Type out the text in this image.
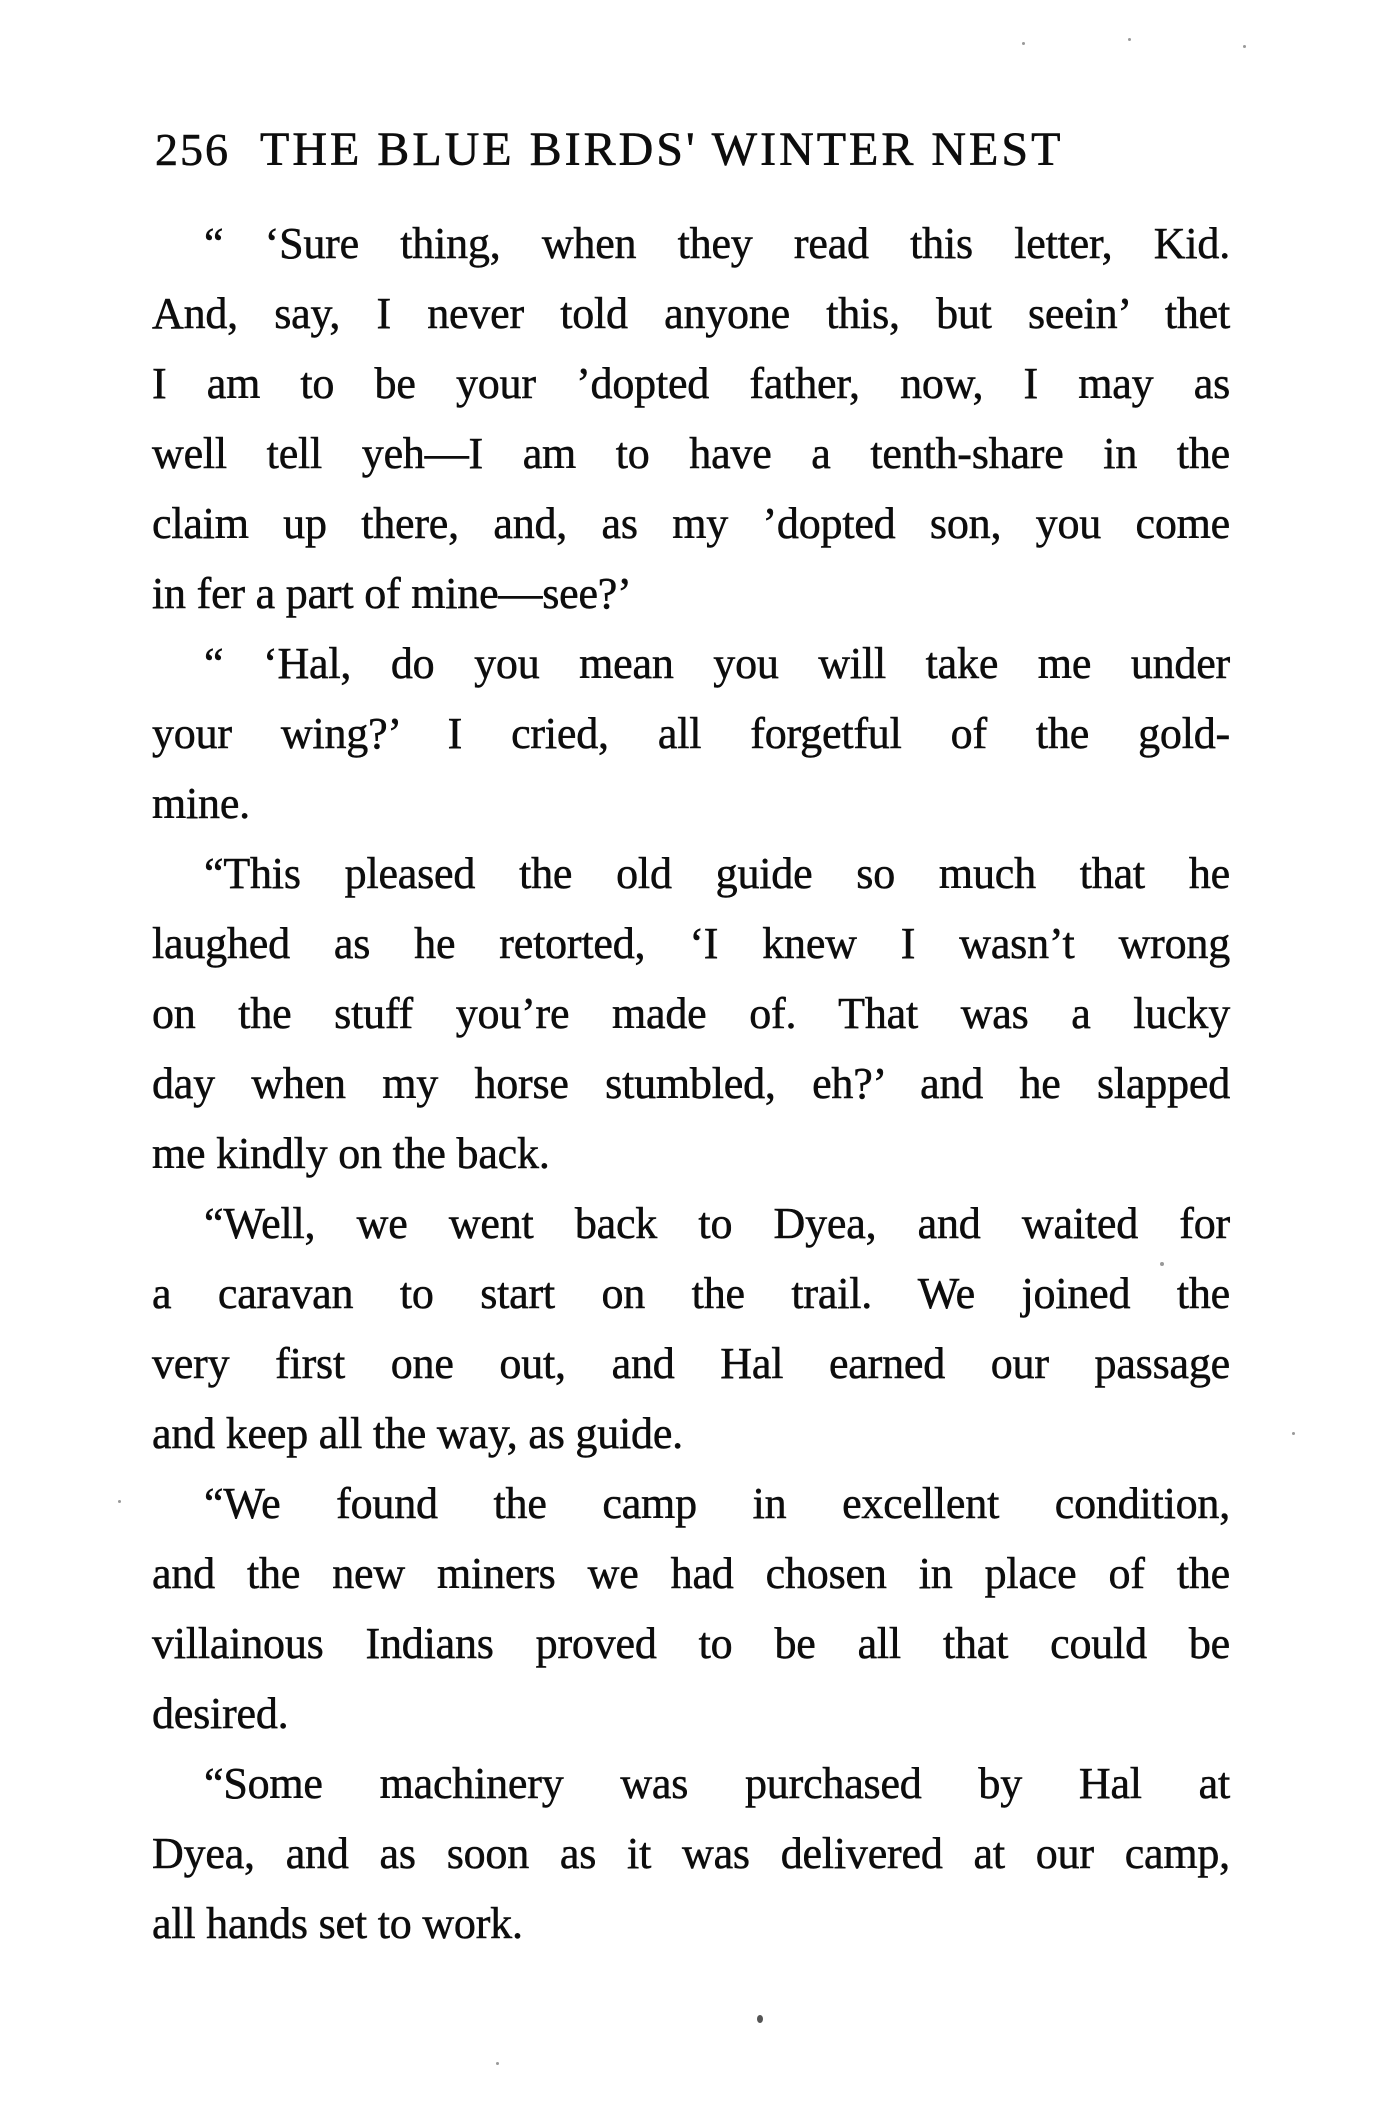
256 THE BLUE BIRDS' WINTER NEST
“ ‘Sure thing, when they read this letter, Kid.
And, say, I never told anyone this, but seein’ thet
I am to be your ’dopted father, now, I may as
well tell yeh—I am to have a tenth-share in the
claim up there, and, as my ’dopted son, you come
in fer a part of mine—see?’
“ ‘Hal, do you mean you will take me under
your wing?’ I cried, all forgetful of the gold-
mine.
“This pleased the old guide so much that he
laughed as he retorted, ‘I knew I wasn’t wrong
on the stuff you’re made of. That was a lucky
day when my horse stumbled, eh?’ and he slapped
me kindly on the back.
“Well, we went back to Dyea, and waited for
a caravan to start on the trail. We joined the
very first one out, and Hal earned our passage
and keep all the way, as guide.
“We found the camp in excellent condition,
and the new miners we had chosen in place of the
villainous Indians proved to be all that could be
desired.
“Some machinery was purchased by Hal at
Dyea, and as soon as it was delivered at our camp,
all hands set to work.
